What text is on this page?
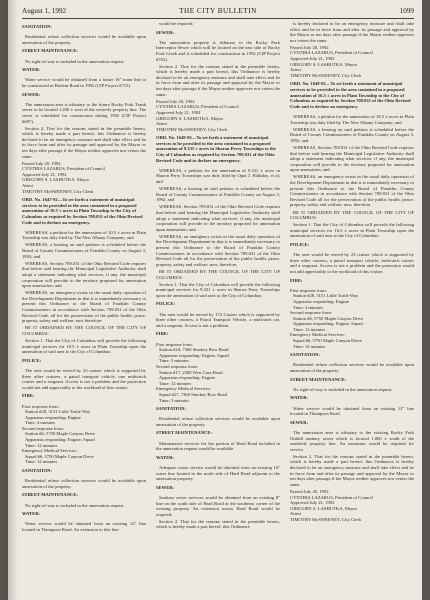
August 1, 1992	THE CITY BULLETIN	1099

SANITATION:

Residential refuse collection services would be available upon annexation of the property.

STREET MAINTENANCE:

No right-of-way is included in the annexation request.

WATER:

Water service would be obtained from a future 16" main line to be constructed in Harlem Road in 1992 (CIP Project #715).

SEWER:

The annexation area is tributary to the future Rocky Fork Trunk sewer to be located 1,200 ± west of the westerly property line. The sewer is scheduled for construction during 1992 (CIP Project #687).

Section 2. That for the reasons stated in the preamble hereto, which is hereby made a part hereof, this Ordinance is hereby declared to be an emergency measure and shall take effect and be in force from and after its passage and approval by the Mayor or ten days after passage if the Mayor neither approves nor vetoes the same.

Passed July 20, 1992

CYNTHIA LAZARUS, President of Council

Approved July 21, 1992

GREGORY S. LASHUTKA, Mayor

Attest

TIMOTHY McSWEENEY, City Clerk

ORD. No. 1647-92—To set forth a statement of municipal services to be provided to the area contained in a proposed annexation of 10.5 ± acres in Plain Township to the City of Columbus as required by Section 709.031 of the Ohio Revised Code and to declare an emergency.

WHEREAS, a petition for the annexation of 10.5 ± acres in Plain Township was duly filed by The New Albany Company; and

WHEREAS, a hearing on said petition is scheduled before the Board of County Commissioners of Franklin County on August 3, 1992; and

WHEREAS, Section 709.031 of the Ohio Revised Code requires that before said hearing the Municipal Legislative Authority shall adopt a statement indicating what services, if any, the municipal corporation will provide to the territory proposed for annexation upon annexation; and

WHEREAS, an emergency exists in the usual daily operation of the Development Department in that it is immediately necessary to present this Ordinance to the Board of Franklin County Commissioners in accordance with Section 709.031 of the Ohio Revised Code, all for the preservation of the public health, peace, property, safety and welfare; now therefore:

BE IT ORDAINED BY THE COUNCIL OF THE CITY OF COLUMBUS:

Section 1. That the City of Columbus will provide the following municipal services for 10.5 ± acres in Plain Township upon the annexation of said area to the City of Columbus:

POLICE:

The area would be served by 23 cruiser which is supported by three other cruisers, a patrol transport vehicle, one midwatch cruiser and a sergeant. Access is not a problem and the protection would not add appreciably to the workload of this cruiser.

FIRE:

First response from:

Station #28, 3151 Little Turtle Way

Apparatus responding: Engine

Time: 4 minutes

Second response from:

Station #6, 5750 Maple Canyon Drive

Apparatus responding: Engine, Squad

Time: 12 minutes

Emergency Medical Services:

Squad #6, 5750 Maple Canyon Drive

Time: 12 minutes

SANITATION:

Residential refuse collection services would be available upon annexation of the property.

STREET MAINTENANCE:

No right-of-way is included in the annexation request.

WATER:

Water service would be obtained from an existing 12" line located in Thompson Road. An extension to this line

would be required.

SEWER:

The annexation property is tributary to the Rocky Fork Interceptor Sewer which will be located on the east side of Rocky Fork Creek and is scheduled for construction in 1992 (CIP Project #702).

Section 2. That for the reasons stated in the preamble hereto, which is hereby made a part hereof, this Ordinance is hereby declared to be an emergency measure and shall take effect and be in force from and after its passage and approval by the Mayor or ten days after passage if the Mayor neither approves nor vetoes the same.

Passed July 20, 1992

CYNTHIA LAZARUS, President of Council

Approved July 21, 1992

GREGORY S. LASHUTKA, Mayor

Attest

TIMOTHY McSWEENEY, City Clerk

ORD. No. 1648-92—To set forth a statement of municipal services to be provided to the area contained in a proposed annexation of 9.331 ± acres in Sharon Perry Townships to the City of Columbus as required by Section 709.031 of the Ohio Revised Code and to declare an emergency.

WHEREAS, a petition for the annexation of 9.331 ± acres in Sharon Perry Townships was duly filed by Opal J. Halliday, et al; and

WHEREAS, a hearing on said petition is scheduled before the Board of County Commissioners of Franklin County on August 3, 1992; and

WHEREAS, Section 709.031 of the Ohio Revised Code requires that before said hearing the Municipal Legislative Authority shall adopt a statement indicating what services, if any, the municipal corporation will provide to the territory proposed for annexation upon annexation; and

WHEREAS, an emergency exists in the usual daily operation of the Development Department in that it is immediately necessary to present this Ordinance to the Board of Franklin County Commissioners in accordance with Section 709.031 of the Ohio Revised Code all for the preservation of the public health, peace, property, safety and welfare; now, therefore,

BE IT ORDAINED BY THE COUNCIL OF THE CITY OF COLUMBUS:

Section 1. That the City of Columbus will provide the following municipal services for 9.331 ± acres in Sharon Perry Townships upon the annexation of said area to the City of Columbus:

POLICE:

The area would be served by 172 Cruiser which is supported by three other cruisers, a Patrol Transport Vehicle, a midwatch car, and a sergeant. Access is not a problem.

FIRE:

First response from:

Station #24, 7360 Smokey Row Road

Apparatus responding: Engine, Squad

Time: 5 minutes

Second response from:

Station #17, 2300 West Case Road

Apparatus responding: Engine

Time: 12 minutes

Emergency Medical Services:

Squad #27, 7360 Smokey Row Road

Time: 5 minutes

SANITATION:

Residential refuse collection services would be available upon annexation of the property.

STREET MAINTENANCE:

Maintenance services for the portion of Hard Road included in the annexation request would be available.

WATER:

Adequate water service would be obtained from an existing 16" water line located in the north side of Hard Road adjacent to the annexation property.

SEWER:

Sanitary sewer services would be obtained from an existing 8" line on the south side of Hard Road at the southeast corner of the existing property. An extension across Hard Road would be required.

Section 2. That for the reasons stated in the preamble hereto, which is hereby made a part hereof, this Ordinance

is hereby declared to be an emergency measure and shall take effect and be in force from and after its passage and approval by the Mayor or ten days after passage if the Mayor neither approves nor vetoes the same.

Passed July 20, 1992

CYNTHIA LAZARUS, President of Council

Approved July 21, 1992

GREGORY S. LASHUTKA, Mayor

Attest

TIMOTHY McSWEENEY, City Clerk

ORD. No. 1649-92—To set forth a statement of municipal services to be provided to the area contained in a proposed annexation of 16.5 ± acres in Plain Township to the City of Columbus as required by Section 709.031 of the Ohio Revised Code and to declare an emergency.

WHEREAS, a petition for the annexation of 16.5 ± acres in Plain Township was duly filed by The New Albany Company; and

WHEREAS, a hearing on said petition is scheduled before the Board of County Commissioners of Franklin County on August 3, 1992; and

WHEREAS, Section 709.031 of the Ohio Revised Code requires that before said hearing the Municipal Legislative Authority shall adopt a statement indicating what services, if any, the municipal corporation will provide to the territory proposed for annexation upon annexation; and

WHEREAS, an emergency exists in the usual daily operation of the Development Department in that it is immediately necessary to present this Ordinance to the Board of Franklin County Commissioners in accordance with Section 709.031 of the Ohio Revised Code all for the preservation of the public health, peace, property, safety and welfare; now, therefore,

BE IT ORDAINED BY THE COUNCIL OF THE CITY OF COLUMBUS:

Section 1. That the City of Columbus will provide the following municipal services for 16.5 ± acres in Plain Township upon the annexation of said area to the City of Columbus:

POLICE:

The area would be served by 23 cruiser which is supported by three other cruisers, a patrol transport vehicle, midwatch cruiser and a sergeant. Access is not a problem and the protection would not add appreciably to the workload of this cruiser.

FIRE:

First response from:

Station #28, 3151 Little Turtle Way

Apparatus responding: Engine

Time: 4 minutes

Second response from:

Station #6, 5750 Maple Canyon Drive

Apparatus responding: Engine, Squad

Time: 12 minutes

Emergency Medical Services:

Squad #6, 5750 Maple Canyon Drive

Time: 12 minutes

SANITATION:

Residential refuse collection services would be available upon annexation of the property.

STREET MAINTENANCE:

No right-of-way is included in the annexation request.

WATER:

Water service would be obtained from an existing 12" line located in Thompson Road.

SEWER:

The annexation area is tributary to the existing Rocky Fork Outfall sanitary sewer which is located 1,000 ± south of the southerly property line. An extension would be required for service.

Section 2. That for the reasons stated in the preamble hereto, which is hereby made a part hereof, this Ordinance is hereby declared to be an emergency measure and shall take effect and be in force from and after its passage and approval by the Mayor or ten days after passage if the Mayor neither approves nor vetoes the same.

Passed July 20, 1992

CYNTHIA LAZARUS, President of Council

Approved July 21, 1992

GREGORY S. LASHUTKA, Mayor

Attest

TIMOTHY McSWEENEY, City Clerk
